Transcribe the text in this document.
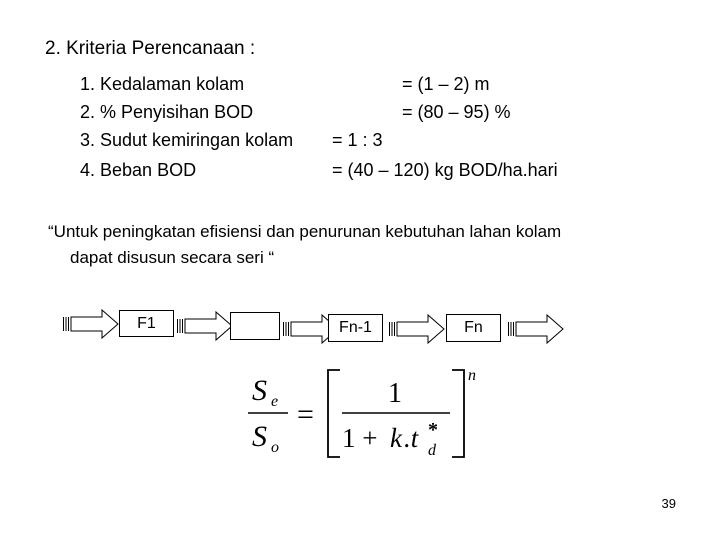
2. Kriteria Perencanaan :
1. Kedalaman kolam	= (1 – 2) m
2. % Penyisihan BOD	= (80 – 95) %
3. Sudut kemiringan kolam = 1 : 3
4. Beban BOD	= (40 – 120) kg BOD/ha.hari
“Untuk peningkatan efisiensi dan penurunan kebutuhan lahan kolam
dapat disusun secara seri “
F1	Fn-1	Fn
S e
S o
=
1
1 + k .t *
d
n
39
